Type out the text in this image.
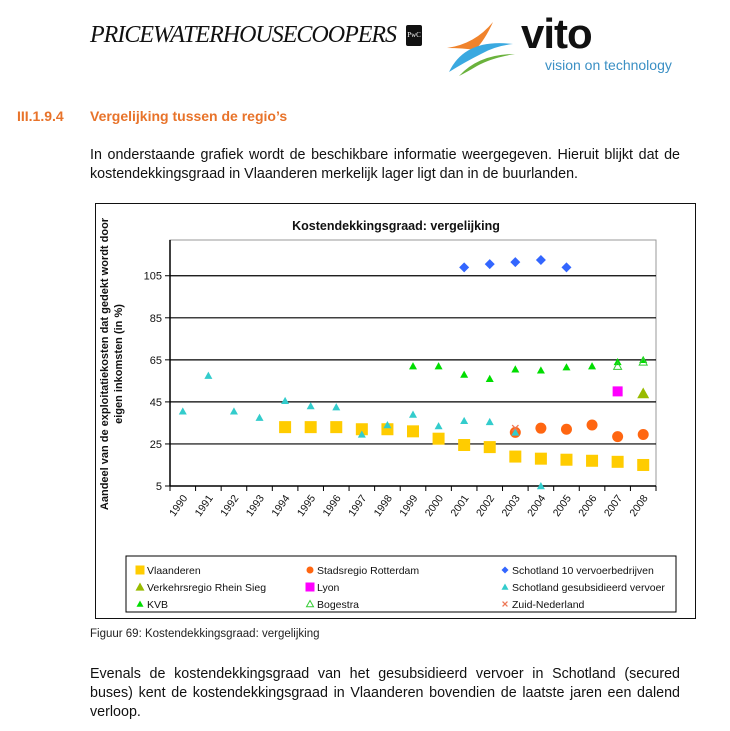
PRICEWATERHOUSECOOPERS PwC vito
vision on technology
III.1.9.4 Vergelijking tussen de regio’s
In onderstaande grafiek wordt de beschikbare informatie weergegeven. Hieruit blijkt dat de kostendekkingsgraad in Vlaanderen merkelijk lager ligt dan in de buurlanden.
Kostendekkingsgraad: vergelijking
5
25
45
65
85
105
1990 1991 1992 1993 1994 1995 1996 1997 1998 1999 2000 2001 2002 2003 2004 2005 2006 2007 2008
Aandeel van de exploitatiekosten dat gedekt wordt door eigen inkomsten (in %)
Vlaanderen	Stadsregio Rotterdam	Schotland 10 vervoerbedrijven
Verkehrsregio Rhein Sieg	Lyon	Schotland gesubsidieerd vervoer
KVB	Bogestra	Zuid-Nederland
Figuur 69: Kostendekkingsgraad: vergelijking
Evenals de kostendekkingsgraad van het gesubsidieerd vervoer in Schotland (secured buses) kent de kostendekkingsgraad in Vlaanderen bovendien de laatste jaren een dalend verloop.
